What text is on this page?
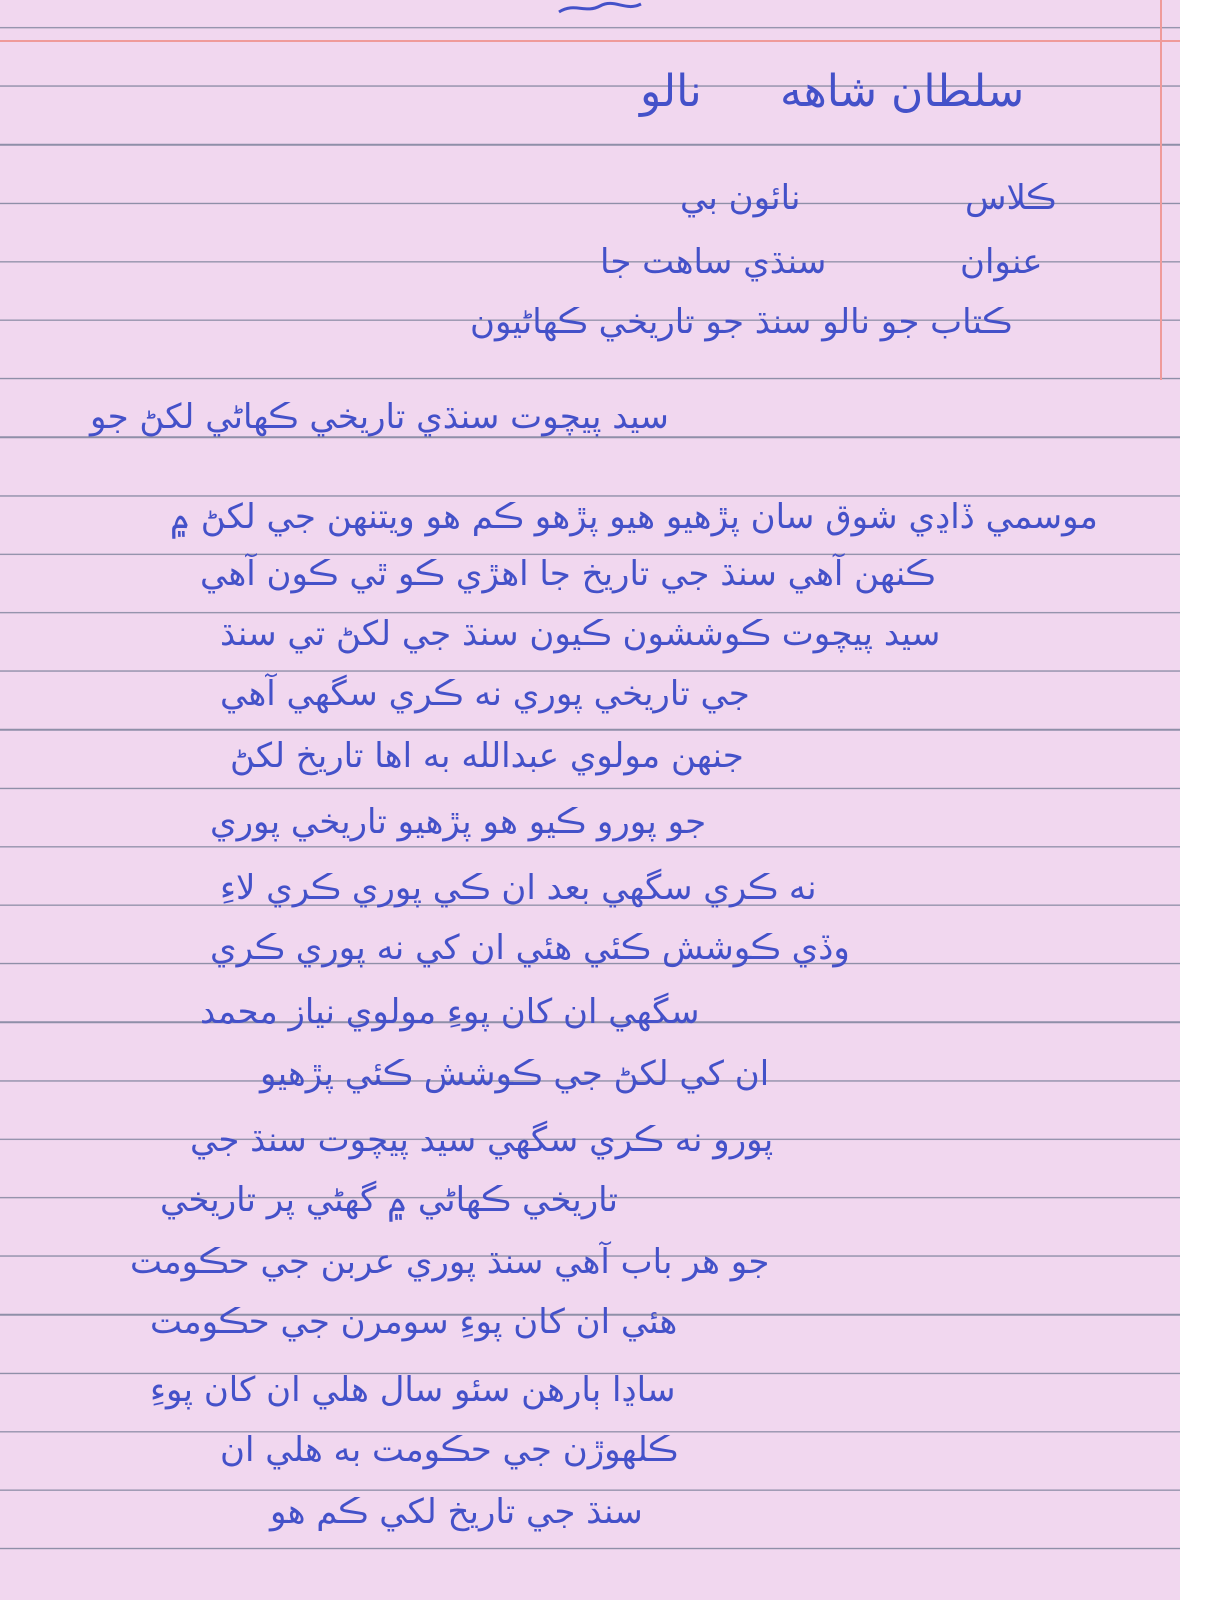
نالو سلطان شاهه
ڪلاس
نائون بي
عنوان
سنڌي ساهت جا
ڪتاب جو نالو سنڌ جو تاريخي ڪهاڻيون
سيد پيچوت سنڌي تاريخي ڪهاڻي لکڻ جو
موسمي ڏاڍي شوق سان پڙهيو هيو پڙهو ڪم هو ويتنهن جي لکڻ ۾
ڪنهن آهي سنڌ جي تاريخ جا اهڙي ڪو ٿي ڪون آهي
سيد پيچوت ڪوششون ڪيون سنڌ جي لکڻ تي سنڌ
جي تاريخي پوري نه ڪري سگهي آهي
جنهن مولوي عبدالله به اها تاريخ لکڻ
جو پورو ڪيو هو پڙهيو تاريخي پوري
نه ڪري سگهي بعد ان ڪي پوري ڪري لاءِ
وڏي ڪوشش ڪئي هئي ان کي نه پوري ڪري
سگهي ان کان پوءِ مولوي نياز محمد
ان کي لکڻ جي ڪوشش ڪئي پڙهيو
پورو نه ڪري سگهي سيد پيچوت سنڌ جي
تاريخي ڪهاڻي ۾ گهڻي پر تاريخي
جو هر باب آهي سنڌ پوري عربن جي حڪومت
هئي ان کان پوءِ سومرن جي حڪومت
ساڍا ٻارهن سئو سال هلي ان کان پوءِ
ڪلهوڙن جي حڪومت به هلي ان
سنڌ جي تاريخ لکي ڪم هو
